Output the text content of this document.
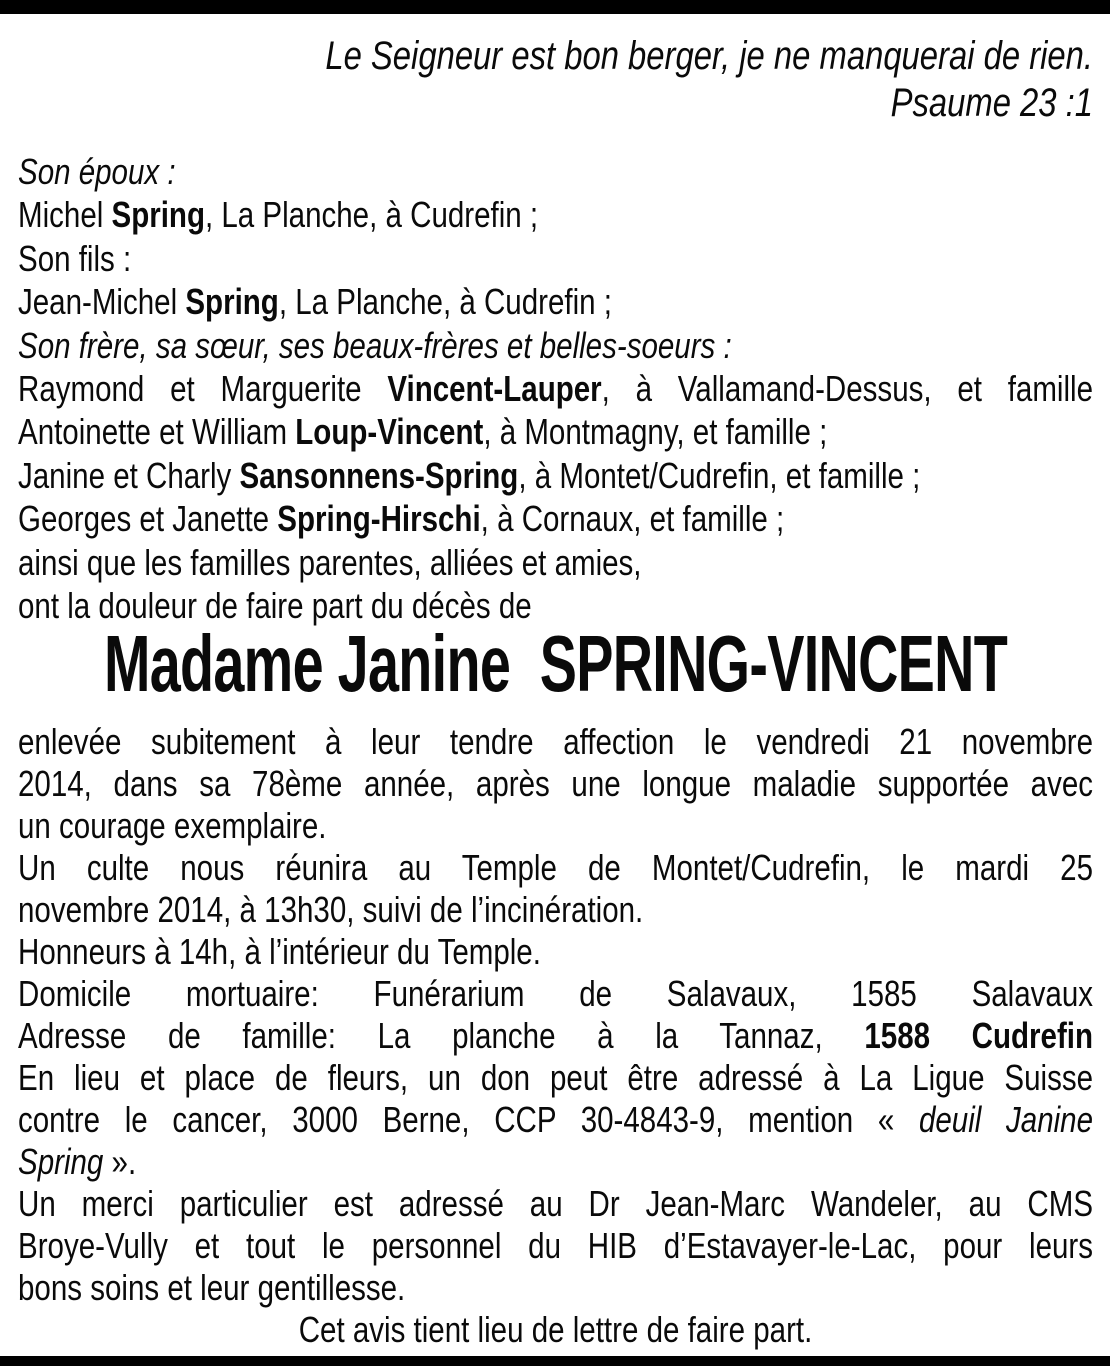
Le Seigneur est bon berger, je ne manquerai de rien.
Psaume 23 :1
Son époux :
Michel Spring, La Planche, à Cudrefin ;
Son fils :
Jean-Michel Spring, La Planche, à Cudrefin ;
Son frère, sa sœur, ses beaux-frères et belles-soeurs :
Raymond et Marguerite Vincent-Lauper, à Vallamand-Dessus, et famille
Antoinette et William Loup-Vincent, à Montmagny, et famille ;
Janine et Charly Sansonnens-Spring, à Montet/Cudrefin, et famille ;
Georges et Janette Spring-Hirschi, à Cornaux, et famille ;
ainsi que les familles parentes, alliées et amies,
ont la douleur de faire part du décès de
Madame Janine  SPRING-VINCENT
enlevée subitement à leur tendre affection le vendredi 21 novembre
2014, dans sa 78ème année, après une longue maladie supportée avec
un courage exemplaire.
Un culte nous réunira au Temple de Montet/Cudrefin, le mardi 25
novembre 2014, à 13h30, suivi de l’incinération.
Honneurs à 14h, à l’intérieur du Temple.
Domicile mortuaire: Funérarium de Salavaux, 1585 Salavaux
Adresse de famille: La planche à la Tannaz, 1588 Cudrefin
En lieu et place de fleurs, un don peut être adressé à La Ligue Suisse
contre le cancer, 3000 Berne, CCP 30-4843-9, mention « deuil Janine
Spring ».
Un merci particulier est adressé au Dr Jean-Marc Wandeler, au CMS
Broye-Vully et tout le personnel du HIB d’Estavayer-le-Lac, pour leurs
bons soins et leur gentillesse.
Cet avis tient lieu de lettre de faire part.
